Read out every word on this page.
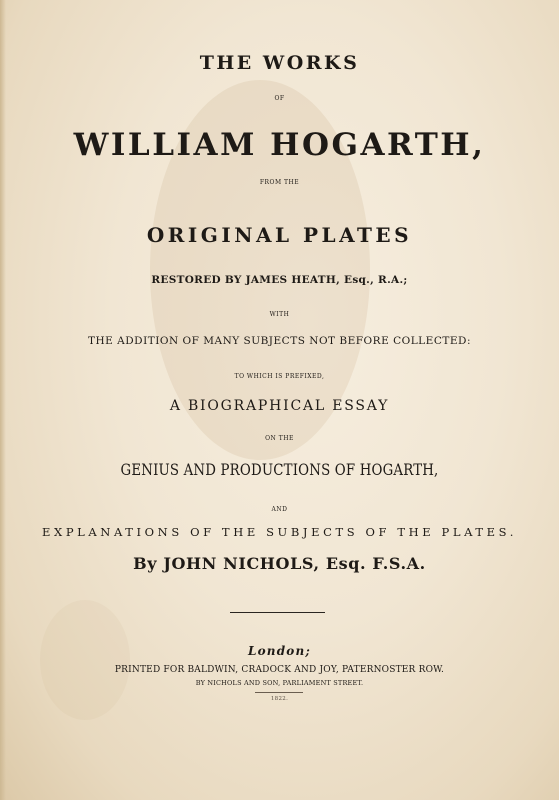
THE WORKS
OF
WILLIAM HOGARTH,
FROM THE
ORIGINAL PLATES
RESTORED BY JAMES HEATH, Esq., R.A.;
WITH
THE ADDITION OF MANY SUBJECTS NOT BEFORE COLLECTED:
TO WHICH IS PREFIXED,
A BIOGRAPHICAL ESSAY
ON THE
GENIUS AND PRODUCTIONS OF HOGARTH,
AND
EXPLANATIONS OF THE SUBJECTS OF THE PLATES.
By JOHN NICHOLS, Esq. F.S.A.
London;
PRINTED FOR BALDWIN, CRADOCK AND JOY, PATERNOSTER ROW.
BY NICHOLS AND SON, PARLIAMENT STREET.
1822.
